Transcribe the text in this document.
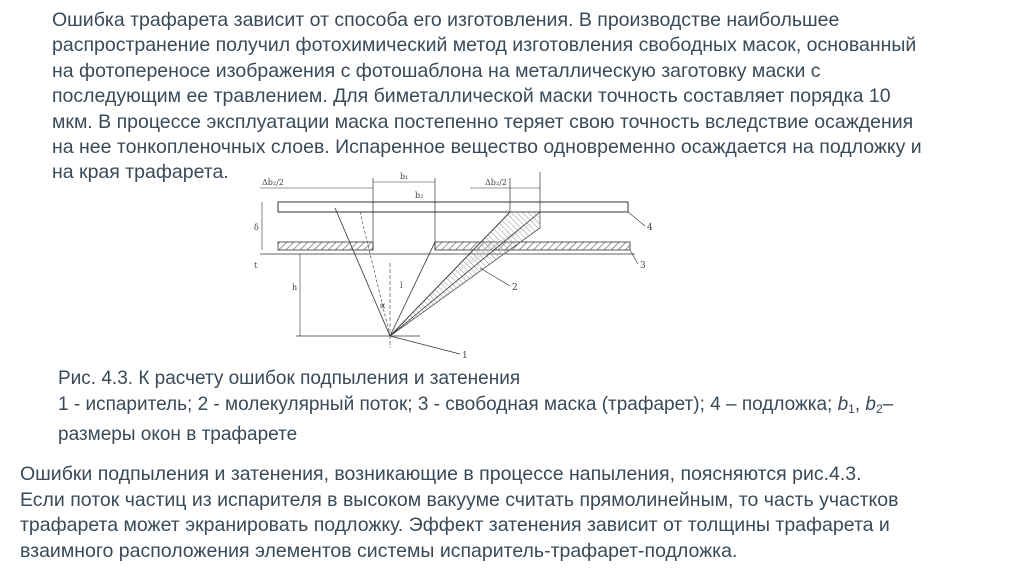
Ошибка трафарета зависит от способа его изготовления. В производстве наибольшее
распространение получил фотохимический метод изготовления свободных масок, основанный
на фотопереносе изображения с фотошаблона на металлическую заготовку маски с
последующим ее травлением. Для биметаллической маски точность составляет порядка 10
мкм. В процессе эксплуатации маска постепенно теряет свою точность вследствие осаждения
на нее тонкопленочных слоев. Испаренное вещество одновременно осаждается на подложку и
на края трафарета.	Δb₂/2
b₁
Δb₂/2
δ
t
h	l
α
b₂
1
2
3
4
Рис. 4.3. К расчету ошибок подпыления и затенения
1 - испаритель; 2 - молекулярный поток; 3 - свободная маска (трафарет); 4 – подложка; $b_1$, $b_2-$
размеры окон в трафарете
Ошибки подпыления и затенения, возникающие в процессе напыления, поясняются рис.4.3.
Если поток частиц из испарителя в высоком вакууме считать прямолинейным, то часть участков
трафарета может экранировать подложку. Эффект затенения зависит от толщины трафарета и
взаимного расположения элементов системы испаритель-трафарет-подложка.
